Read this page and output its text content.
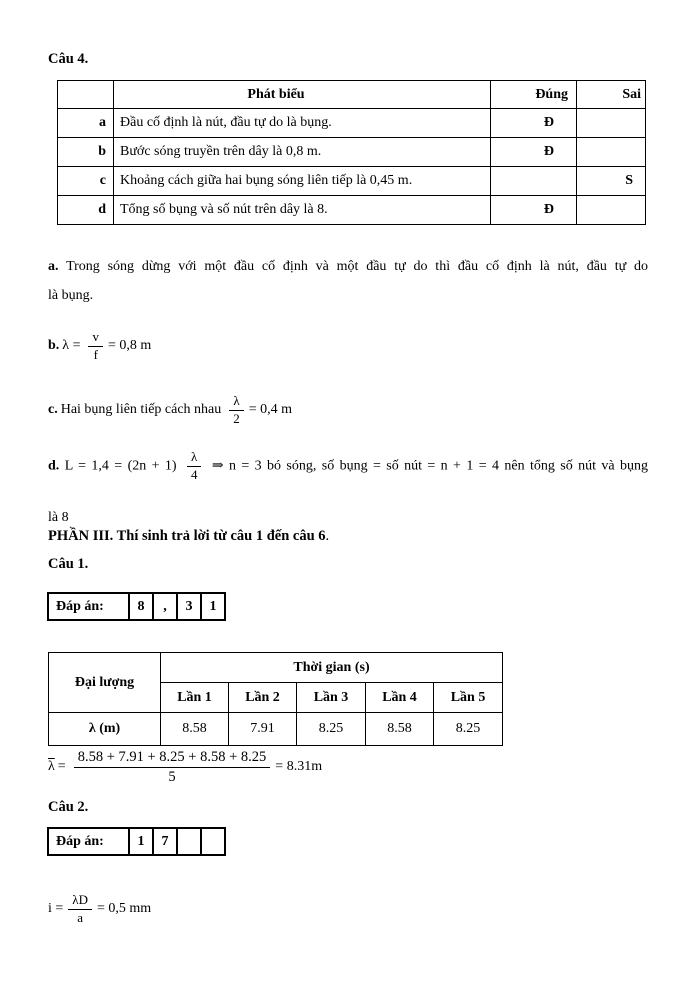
Câu 4.
	Phát biểu	Đúng	Sai
a	Đầu cố định là nút, đầu tự do là bụng.	Đ	
b	Bước sóng truyền trên dây là 0,8 m.	Đ	
c	Khoảng cách giữa hai bụng sóng liên tiếp là 0,45 m.		S
d	Tổng số bụng và số nút trên dây là 8.	Đ	
a. Trong sóng dừng với một đầu cố định và một đầu tự do thì đầu cố định là nút, đầu tự do
là bụng.
b. $\lambda = \frac{v}{f} = 0,8$ m
c. Hai bụng liên tiếp cách nhau $\frac{\lambda}{2} = 0,4$ m
d. $L = 1,4 = (2n + 1) \frac{\lambda}{4}$ ⇒ n = 3 bó sóng, số bụng = số nút = n + 1 = 4 nên tổng số nút và bụng
là 8
PHẦN III. Thí sinh trả lời từ câu 1 đến câu 6.
Câu 1.
Đáp án:	8	,	3	1
Đại lượng	Thời gian (s)				
	Lần 1	Lần 2	Lần 3	Lần 4	Lần 5
λ (m)	8.58	7.91	8.25	8.58	8.25
$\overline{\lambda} = \frac{8.58 + 7.91 + 8.25 + 8.58 + 8.25}{5} = 8.31m$
Câu 2.
Đáp án:	1	7		
$i = \frac{\lambda D}{a} = 0,5$ mm
